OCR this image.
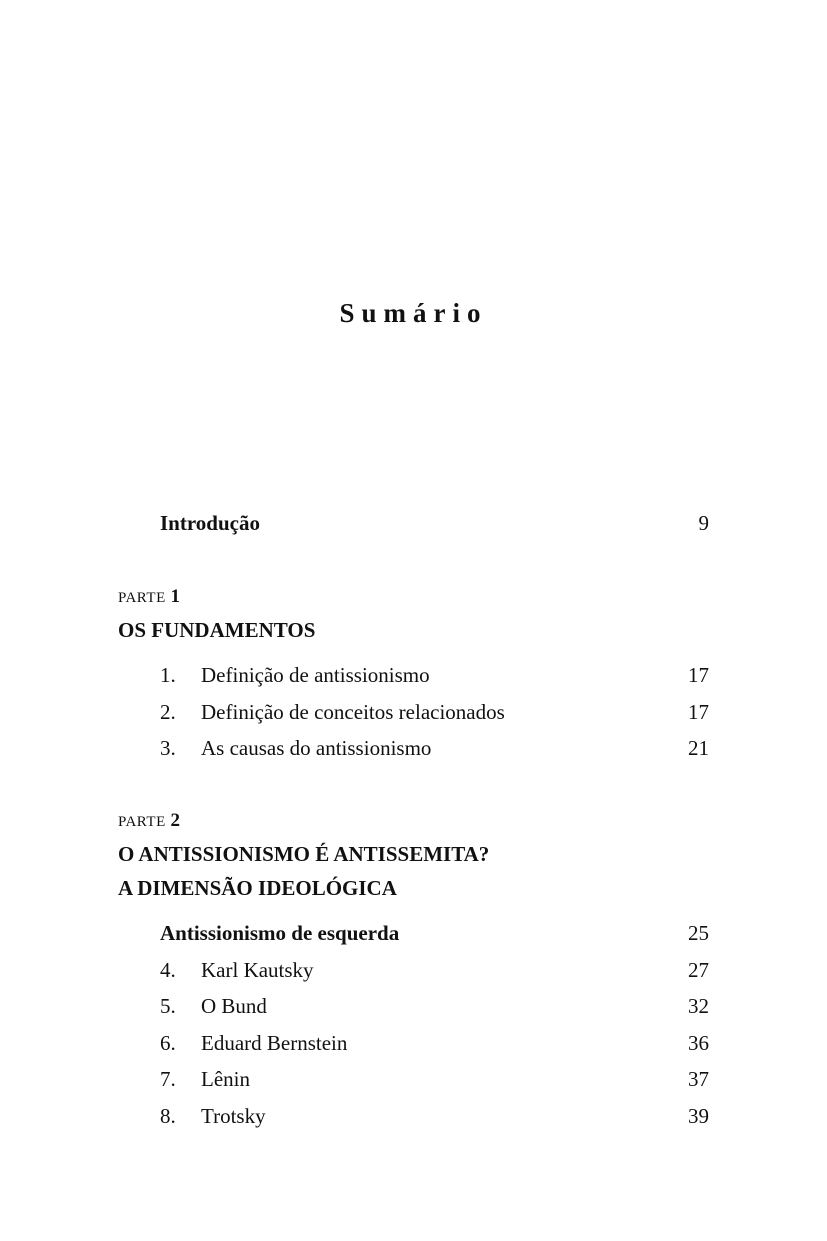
Sumário
Introdução	9
PARTE 1
OS FUNDAMENTOS
1. Definição de antissionismo	17
2. Definição de conceitos relacionados	17
3. As causas do antissionismo	21
PARTE 2
O ANTISSIONISMO É ANTISSEMITA?
A DIMENSÃO IDEOLÓGICA
Antissionismo de esquerda	25
4. Karl Kautsky	27
5. O Bund	32
6. Eduard Bernstein	36
7. Lênin	37
8. Trotsky	39
